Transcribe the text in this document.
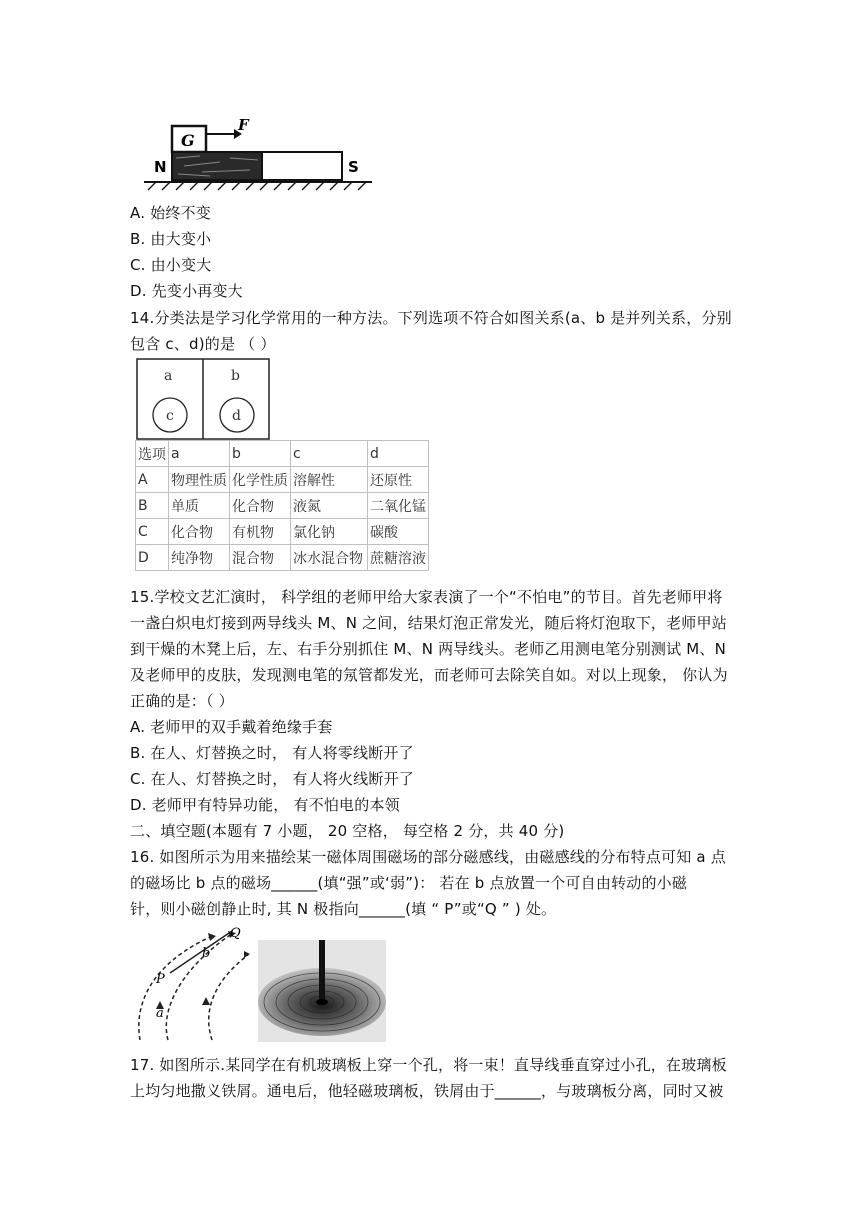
G
F
N	S
A. 始终不变
B. 由大变小
C. 由小变大
D. 先变小再变大
14.分类法是学习化学常用的一种方法。下列选项不符合如图关系(a、b 是并列关系，分别
包含 c、d)的是 （ ）
a	b
c	d
选项	a	b	c	d
A	物理性质	化学性质	溶解性	还原性
B	单质	化合物	液氮	二氧化锰
C	化合物	有机物	氯化钠	碳酸
D	纯净物	混合物	冰水混合物	蔗糖溶液
15.学校文艺汇演时， 科学组的老师甲给大家表演了一个“不怕电”的节目。首先老师甲将
一盏白炽电灯接到两导线头 M、N 之间，结果灯泡正常发光，随后将灯泡取下，老师甲站
到干燥的木凳上后，左、右手分别抓住 M、N 两导线头。老师乙用测电笔分别测试 M、N
及老师甲的皮肤，发现测电笔的氖管都发光，而老师可去除笑自如。对以上现象， 你认为
正确的是：（ ）
A. 老师甲的双手戴着绝缘手套
B. 在人、灯替换之时， 有人将零线断开了
C. 在人、灯替换之时， 有人将火线断开了
D. 老师甲有特异功能， 有不怕电的本领
二、填空题(本题有 7 小题， 20 空格， 每空格 2 分，共 40 分)
16. 如图所示为用来描绘某一磁体周围磁场的部分磁感线，由磁感线的分布特点可知 a 点
的磁场比 b 点的磁场______(填“强”或‘弱”)： 若在 b 点放置一个可自由转动的小磁
针，则小磁创静止时, 其 N 极指向______(填 “ P”或“Q ” ) 处。
Q
b
P
a
17. 如图所示.某同学在有机玻璃板上穿一个孔，将一束！直导线垂直穿过小孔，在玻璃板
上均匀地撒义铁屑。通电后，他轻磁玻璃板，铁屑由于______，与玻璃板分离，同时又被
